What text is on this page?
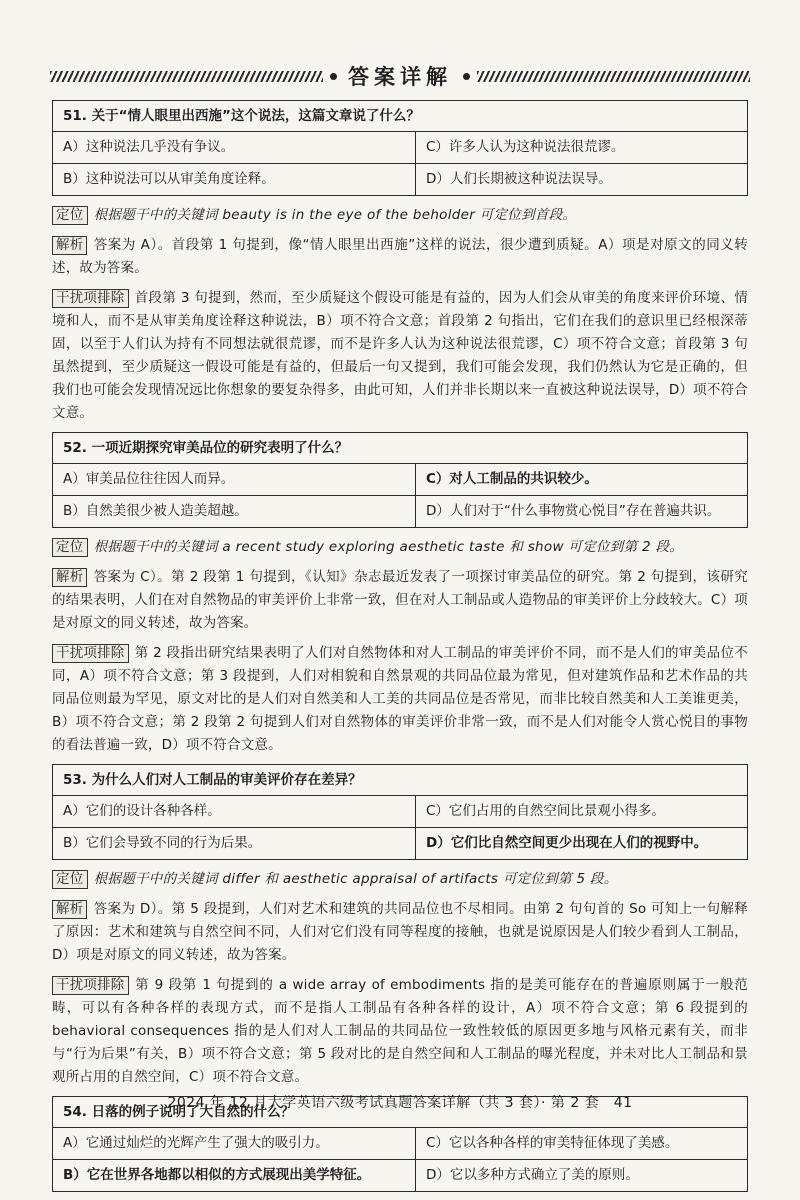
答案详解
51. 关于“情人眼里出西施”这个说法，这篇文章说了什么？
A）这种说法几乎没有争议。	C）许多人认为这种说法很荒谬。
B）这种说法可以从审美角度诠释。	D）人们长期被这种说法误导。

定位 根据题干中的关键词 beauty is in the eye of the beholder 可定位到首段。

解析 答案为 A）。首段第 1 句提到，像“情人眼里出西施”这样的说法，很少遭到质疑。A）项是对原文的同义转述，故为答案。

干扰项排除 首段第 3 句提到，然而，至少质疑这个假设可能是有益的，因为人们会从审美的角度来评价环境、情境和人，而不是从审美角度诠释这种说法，B）项不符合文意；首段第 2 句指出，它们在我们的意识里已经根深蒂固，以至于人们认为持有不同想法就很荒谬，而不是许多人认为这种说法很荒谬，C）项不符合文意；首段第 3 句虽然提到，至少质疑这一假设可能是有益的，但最后一句又提到，我们可能会发现，我们仍然认为它是正确的，但我们也可能会发现情况远比你想象的要复杂得多，由此可知，人们并非长期以来一直被这种说法误导，D）项不符合文意。

52. 一项近期探究审美品位的研究表明了什么？
A）审美品位往往因人而异。	C）对人工制品的共识较少。
B）自然美很少被人造美超越。	D）人们对于“什么事物赏心悦目”存在普遍共识。

定位 根据题干中的关键词 a recent study exploring aesthetic taste 和 show 可定位到第 2 段。

解析 答案为 C）。第 2 段第 1 句提到，《认知》杂志最近发表了一项探讨审美品位的研究。第 2 句提到，该研究的结果表明，人们在对自然物品的审美评价上非常一致，但在对人工制品或人造物品的审美评价上分歧较大。C）项是对原文的同义转述，故为答案。

干扰项排除 第 2 段指出研究结果表明了人们对自然物体和对人工制品的审美评价不同，而不是人们的审美品位不同，A）项不符合文意；第 3 段提到，人们对相貌和自然景观的共同品位最为常见，但对建筑作品和艺术作品的共同品位则最为罕见，原文对比的是人们对自然美和人工美的共同品位是否常见，而非比较自然美和人工美谁更美，B）项不符合文意；第 2 段第 2 句提到人们对自然物体的审美评价非常一致，而不是人们对能令人赏心悦目的事物的看法普遍一致，D）项不符合文意。

53. 为什么人们对人工制品的审美评价存在差异？
A）它们的设计各种各样。	C）它们占用的自然空间比景观小得多。
B）它们会导致不同的行为后果。	D）它们比自然空间更少出现在人们的视野中。

定位 根据题干中的关键词 differ 和 aesthetic appraisal of artifacts 可定位到第 5 段。

解析 答案为 D）。第 5 段提到，人们对艺术和建筑的共同品位也不尽相同。由第 2 句句首的 So 可知上一句解释了原因：艺术和建筑与自然空间不同，人们对它们没有同等程度的接触，也就是说原因是人们较少看到人工制品，D）项是对原文的同义转述，故为答案。

干扰项排除 第 9 段第 1 句提到的 a wide array of embodiments 指的是美可能存在的普遍原则属于一般范畴，可以有各种各样的表现方式，而不是指人工制品有各种各样的设计，A）项不符合文意；第 6 段提到的 behavioral consequences 指的是人们对人工制品的共同品位一致性较低的原因更多地与风格元素有关，而非与“行为后果”有关，B）项不符合文意；第 5 段对比的是自然空间和人工制品的曝光程度，并未对比人工制品和景观所占用的自然空间，C）项不符合文意。

54. 日落的例子说明了大自然的什么？
A）它通过灿烂的光辉产生了强大的吸引力。	C）它以各种各样的审美特征体现了美感。
B）它在世界各地都以相似的方式展现出美学特征。	D）它以多种方式确立了美的原则。
2024 年 12 月大学英语六级考试真题答案详解（共 3 套）· 第 2 套　41
